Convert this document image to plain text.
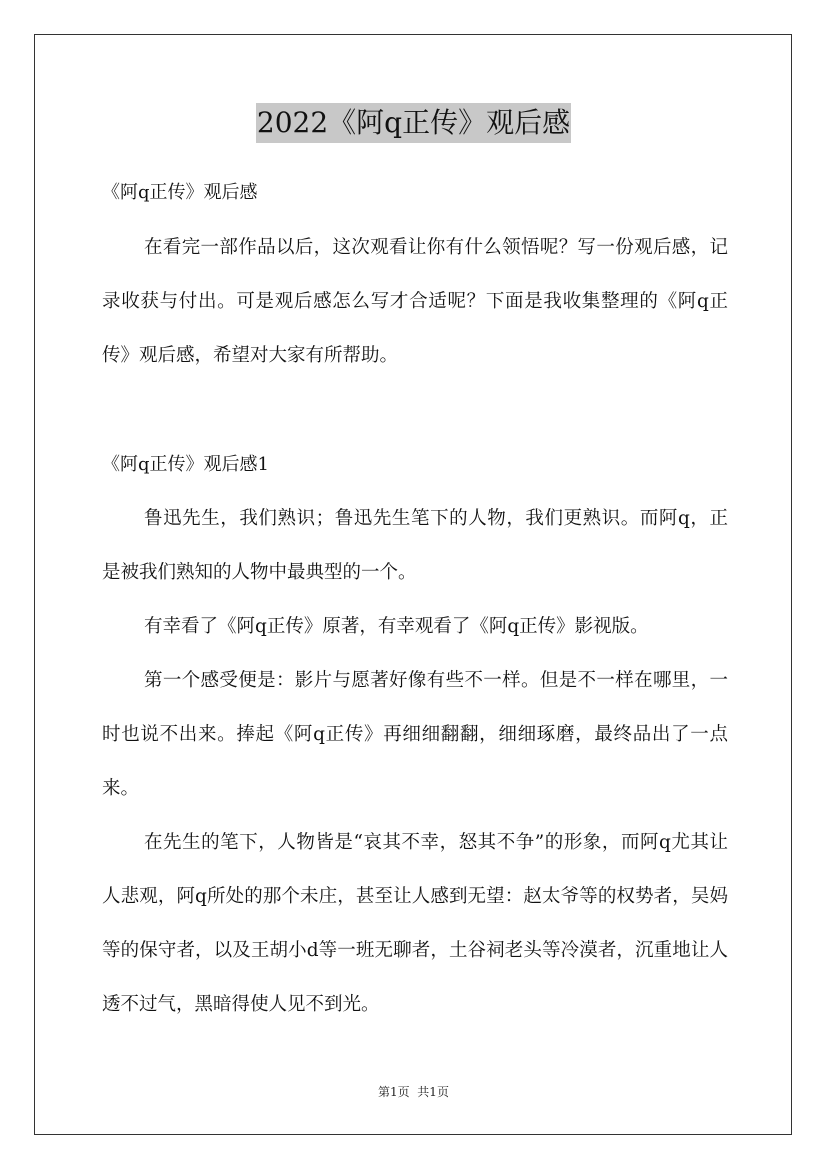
2022《阿q正传》观后感

《阿q正传》观后感

在看完一部作品以后，这次观看让你有什么领悟呢？写一份观后感，记录收获与付出。可是观后感怎么写才合适呢？下面是我收集整理的《阿q正传》观后感，希望对大家有所帮助。

《阿q正传》观后感1

鲁迅先生，我们熟识；鲁迅先生笔下的人物，我们更熟识。而阿q，正是被我们熟知的人物中最典型的一个。

有幸看了《阿q正传》原著，有幸观看了《阿q正传》影视版。

第一个感受便是：影片与愿著好像有些不一样。但是不一样在哪里，一时也说不出来。捧起《阿q正传》再细细翻翻，细细琢磨，最终品出了一点来。

在先生的笔下，人物皆是“哀其不幸，怒其不争”的形象，而阿q尤其让人悲观，阿q所处的那个未庄，甚至让人感到无望：赵太爷等的权势者，吴妈等的保守者，以及王胡小d等一班无聊者，土谷祠老头等冷漠者，沉重地让人透不过气，黑暗得使人见不到光。

第1页  共1页
